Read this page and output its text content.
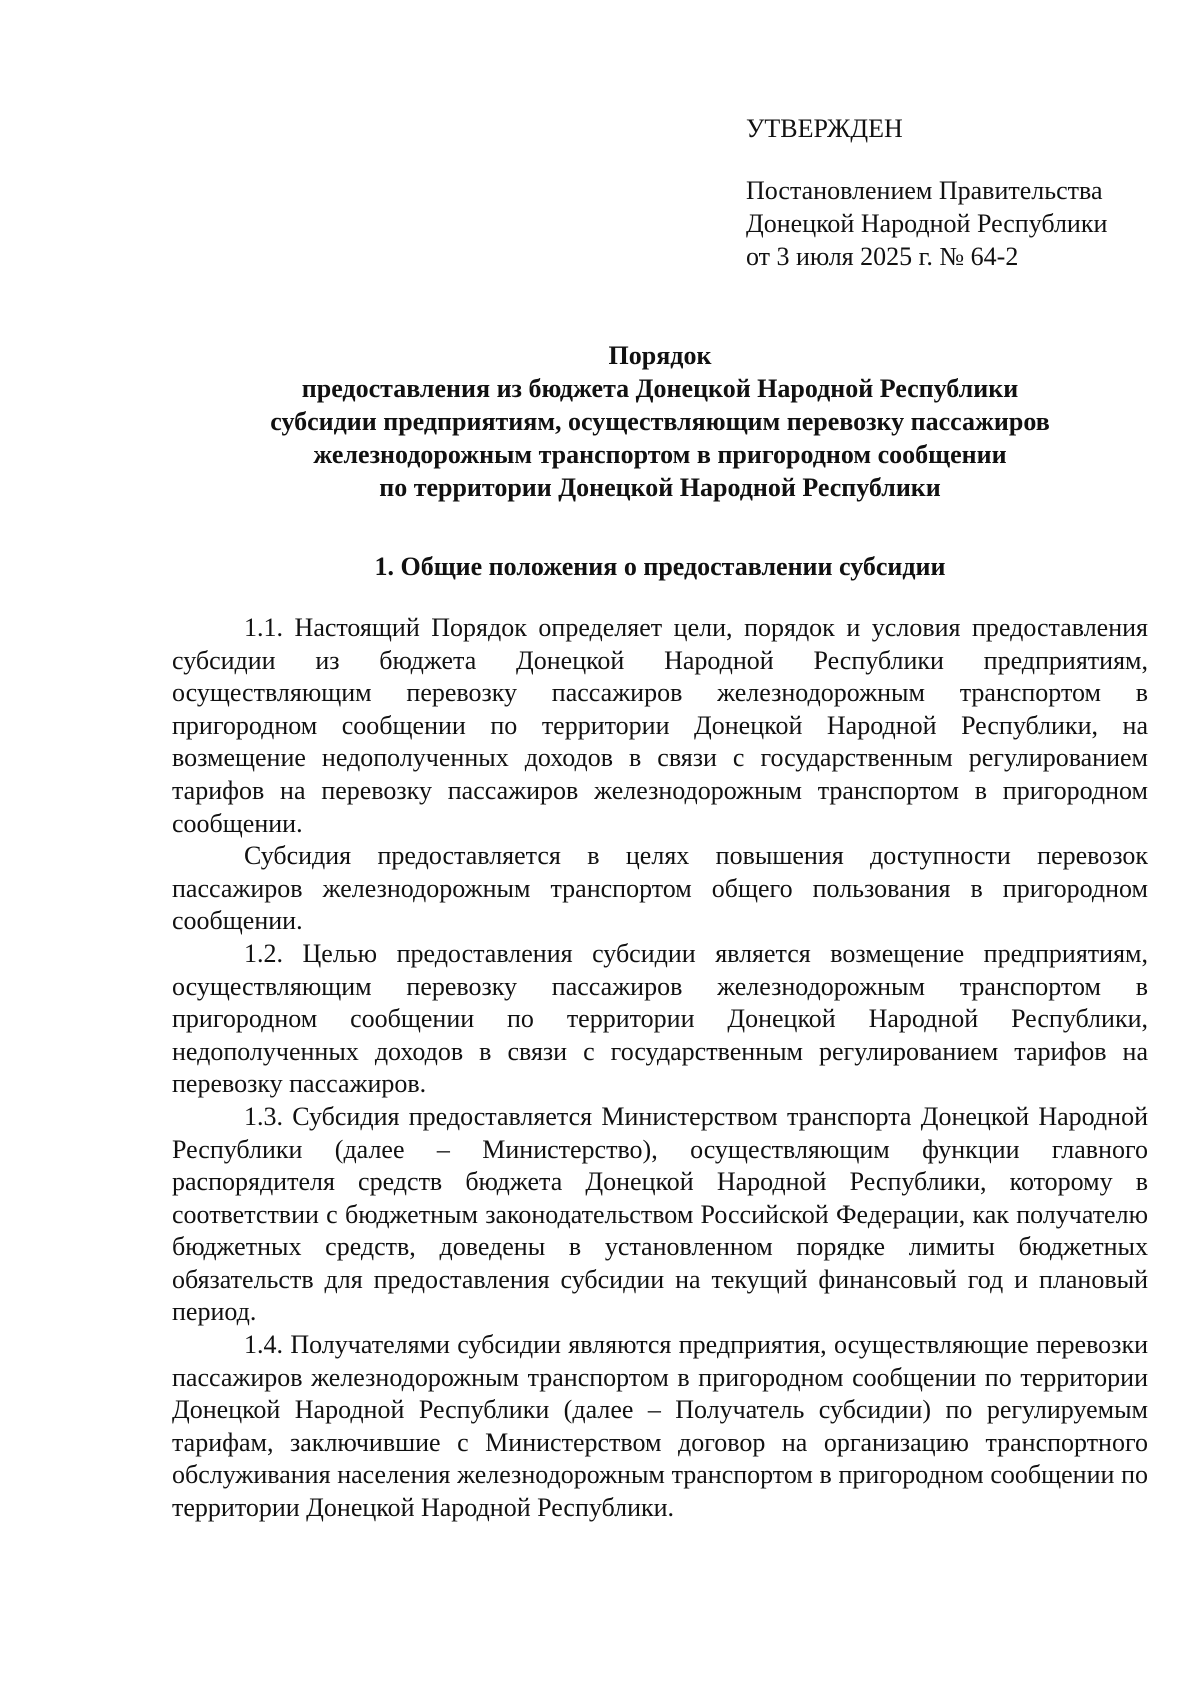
УТВЕРЖДЕН
Постановлением Правительства
Донецкой Народной Республики
от 3 июля 2025 г. № 64-2
Порядок
предоставления из бюджета Донецкой Народной Республики
субсидии предприятиям, осуществляющим перевозку пассажиров
железнодорожным транспортом в пригородном сообщении
по территории Донецкой Народной Республики
1. Общие положения о предоставлении субсидии

1.1. Настоящий Порядок определяет цели, порядок и условия предоставления субсидии из бюджета Донецкой Народной Республики предприятиям, осуществляющим перевозку пассажиров железнодорожным транспортом в пригородном сообщении по территории Донецкой Народной Республики, на возмещение недополученных доходов в связи с государственным регулированием тарифов на перевозку пассажиров железнодорожным транспортом в пригородном сообщении.

Субсидия предоставляется в целях повышения доступности перевозок пассажиров железнодорожным транспортом общего пользования в пригородном сообщении.

1.2. Целью предоставления субсидии является возмещение предприятиям, осуществляющим перевозку пассажиров железнодорожным транспортом в пригородном сообщении по территории Донецкой Народной Республики, недополученных доходов в связи с государственным регулированием тарифов на перевозку пассажиров.

1.3. Субсидия предоставляется Министерством транспорта Донецкой Народной Республики (далее – Министерство), осуществляющим функции главного распорядителя средств бюджета Донецкой Народной Республики, которому в соответствии с бюджетным законодательством Российской Федерации, как получателю бюджетных средств, доведены в установленном порядке лимиты бюджетных обязательств для предоставления субсидии на текущий финансовый год и плановый период.

1.4. Получателями субсидии являются предприятия, осуществляющие перевозки пассажиров железнодорожным транспортом в пригородном сообщении по территории Донецкой Народной Республики (далее – Получатель субсидии) по регулируемым тарифам, заключившие с Министерством договор на организацию транспортного обслуживания населения железнодорожным транспортом в пригородном сообщении по территории Донецкой Народной Республики.
